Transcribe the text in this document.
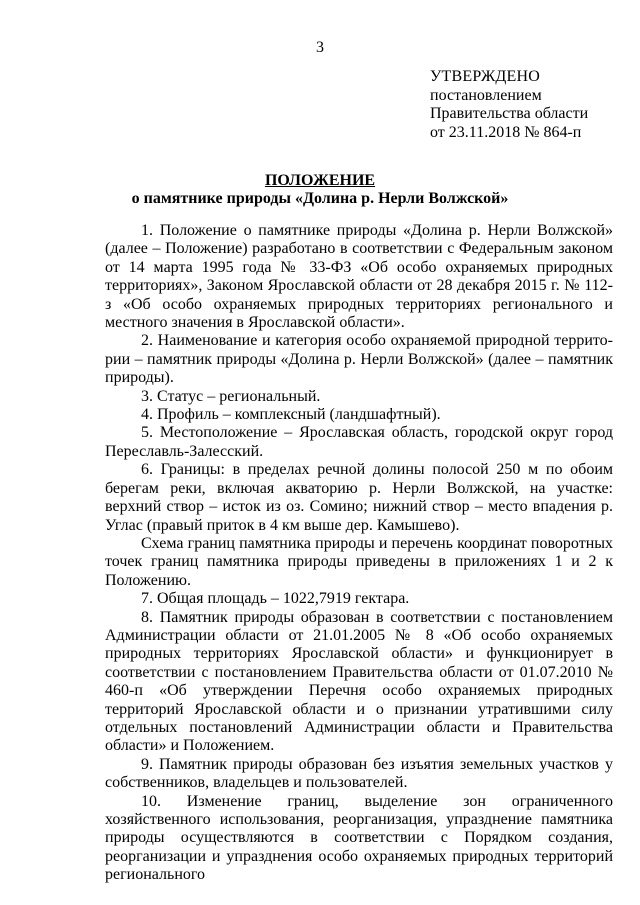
3
УТВЕРЖДЕНО
постановлением
Правительства области
от 23.11.2018 № 864-п
ПОЛОЖЕНИЕ
о памятнике природы «Долина р. Нерли Волжской»

1. Положение о памятнике природы «Долина р. Нерли Волжской» (далее – Положение) разработано в соответствии с Федеральным законом от 14 марта 1995 года № 33-ФЗ «Об особо охраняемых природных территориях», Законом Ярославской области от 28 декабря 2015 г. № 112-з «Об особо охраняемых природных территориях регионального и местного значения в Ярославской области».

2. Наименование и категория особо охраняемой природной террито-рии – памятник природы «Долина р. Нерли Волжской» (далее – памятник природы).

3. Статус – региональный.

4. Профиль – комплексный (ландшафтный).

5. Местоположение – Ярославская область, городской округ город Переславль-Залесский.

6. Границы: в пределах речной долины полосой 250 м по обоим берегам реки, включая акваторию р. Нерли Волжской, на участке: верхний створ – исток из оз. Сомино; нижний створ – место впадения р. Углас (правый приток в 4 км выше дер. Камышево).

Схема границ памятника природы и перечень координат поворотных точек границ памятника природы приведены в приложениях 1 и 2 к Положению.

7. Общая площадь – 1022,7919 гектара.

8. Памятник природы образован в соответствии с постановлением Администрации области от 21.01.2005 № 8 «Об особо охраняемых природных территориях Ярославской области» и функционирует в соответствии с постановлением Правительства области от 01.07.2010 № 460-п «Об утверждении Перечня особо охраняемых природных территорий Ярославской области и о признании утратившими силу отдельных постановлений Администрации области и Правительства области» и Положением.

9. Памятник природы образован без изъятия земельных участков у собственников, владельцев и пользователей.

10. Изменение границ, выделение зон ограниченного хозяйственного использования, реорганизация, упразднение памятника природы осуществляются в соответствии с Порядком создания, реорганизации и упразднения особо охраняемых природных территорий регионального
